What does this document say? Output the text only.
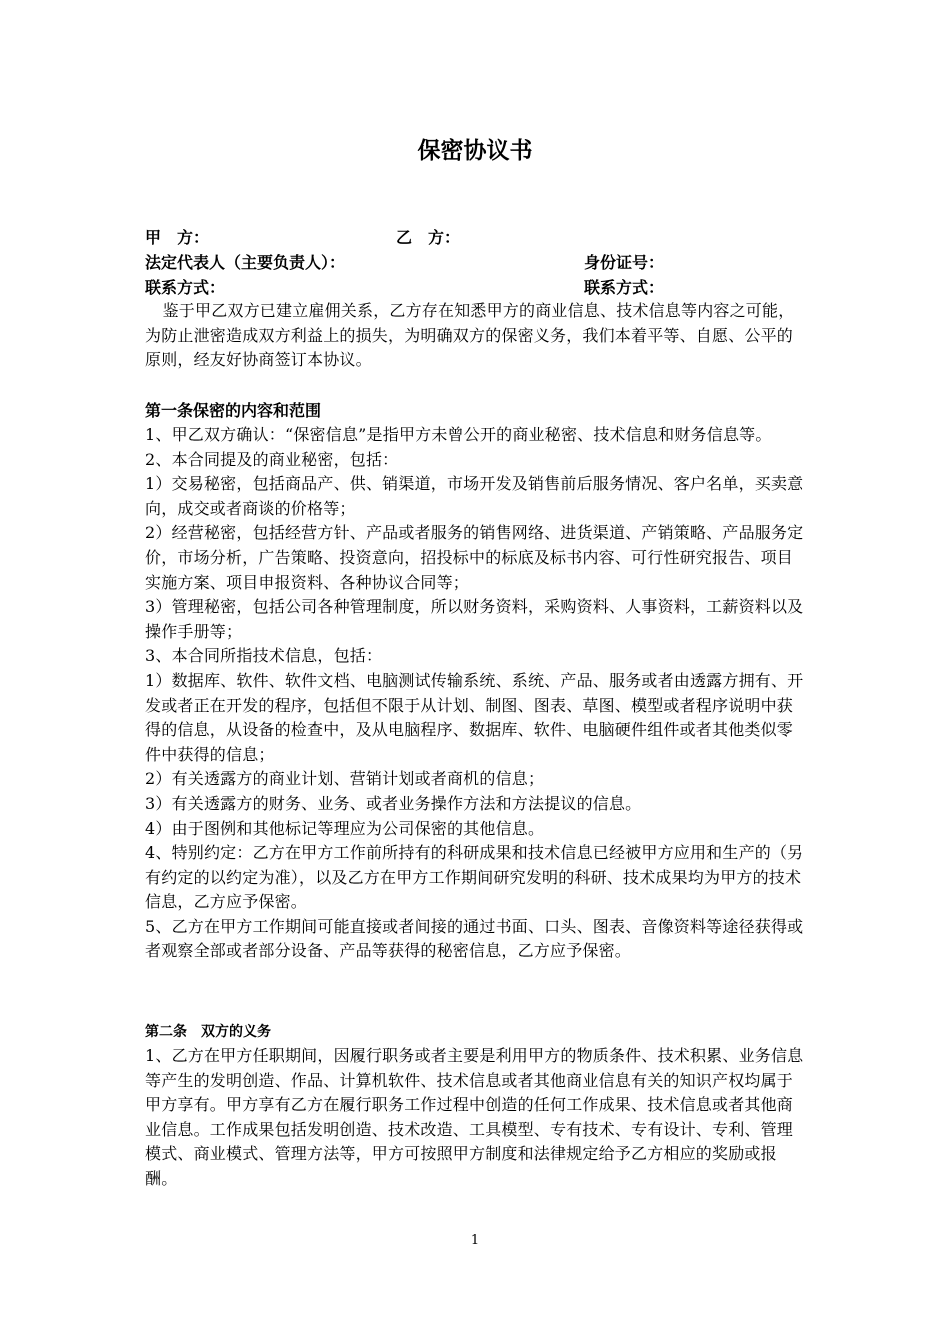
保密协议书
甲　方：	乙　方：
法定代表人（主要负责人）：	身份证号：
联系方式：	联系方式：

鉴于甲乙双方已建立雇佣关系，乙方存在知悉甲方的商业信息、技术信息等内容之可能，为防止泄密造成双方利益上的损失，为明确双方的保密义务，我们本着平等、自愿、公平的原则，经友好协商签订本协议。

第一条保密的内容和范围

1、甲乙双方确认：“保密信息”是指甲方未曾公开的商业秘密、技术信息和财务信息等。

2、本合同提及的商业秘密，包括：

1）交易秘密，包括商品产、供、销渠道，市场开发及销售前后服务情况、客户名单，买卖意向，成交或者商谈的价格等；

2）经营秘密，包括经营方针、产品或者服务的销售网络、进货渠道、产销策略、产品服务定价，市场分析，广告策略、投资意向，招投标中的标底及标书内容、可行性研究报告、项目实施方案、项目申报资料、各种协议合同等；

3）管理秘密，包括公司各种管理制度，所以财务资料，采购资料、人事资料，工薪资料以及操作手册等；

3、本合同所指技术信息，包括：

1）数据库、软件、软件文档、电脑测试传输系统、系统、产品、服务或者由透露方拥有、开发或者正在开发的程序，包括但不限于从计划、制图、图表、草图、模型或者程序说明中获得的信息，从设备的检查中，及从电脑程序、数据库、软件、电脑硬件组件或者其他类似零件中获得的信息；

2）有关透露方的商业计划、营销计划或者商机的信息；

3）有关透露方的财务、业务、或者业务操作方法和方法提议的信息。

4）由于图例和其他标记等理应为公司保密的其他信息。

4、特别约定：乙方在甲方工作前所持有的科研成果和技术信息已经被甲方应用和生产的（另有约定的以约定为准），以及乙方在甲方工作期间研究发明的科研、技术成果均为甲方的技术信息，乙方应予保密。

5、乙方在甲方工作期间可能直接或者间接的通过书面、口头、图表、音像资料等途径获得或者观察全部或者部分设备、产品等获得的秘密信息，乙方应予保密。

第二条　双方的义务

1、乙方在甲方任职期间，因履行职务或者主要是利用甲方的物质条件、技术积累、业务信息等产生的发明创造、作品、计算机软件、技术信息或者其他商业信息有关的知识产权均属于甲方享有。甲方享有乙方在履行职务工作过程中创造的任何工作成果、技术信息或者其他商业信息。工作成果包括发明创造、技术改造、工具模型、专有技术、专有设计、专利、管理模式、商业模式、管理方法等，甲方可按照甲方制度和法律规定给予乙方相应的奖励或报酬。

1
